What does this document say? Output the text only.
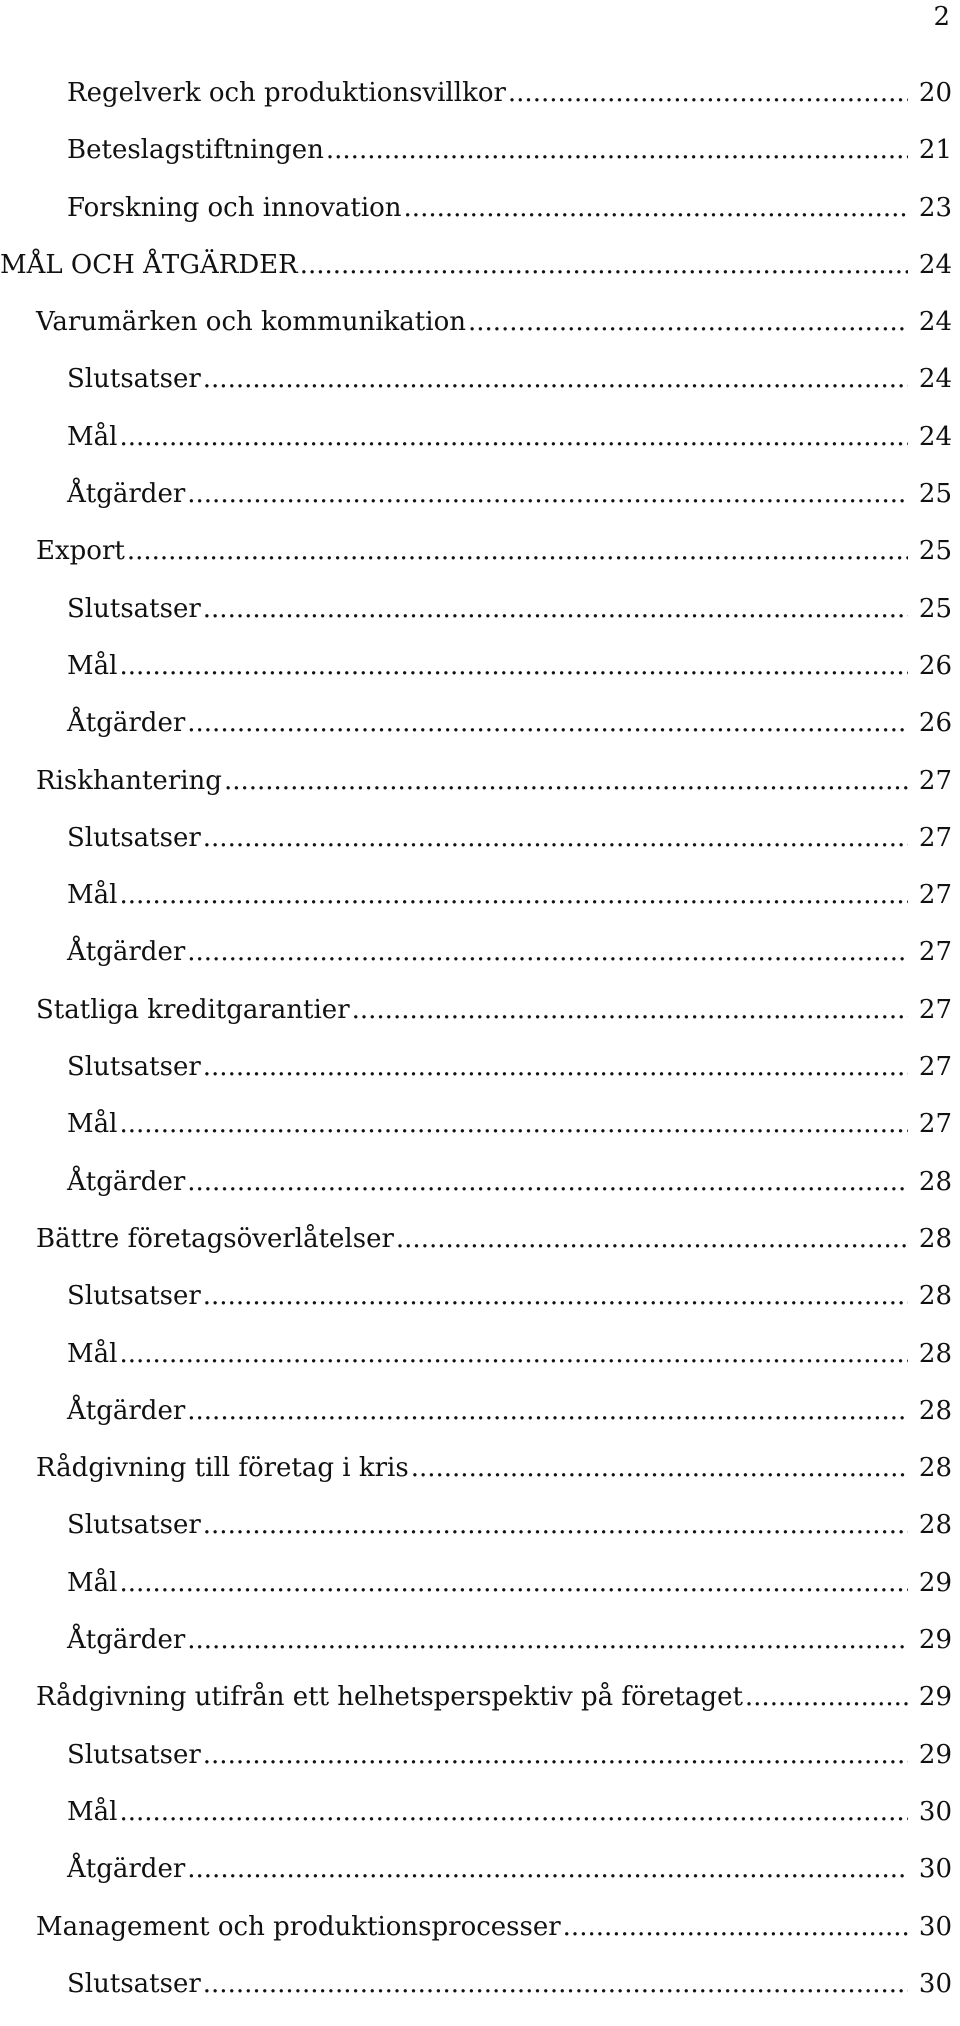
2
Regelverk och produktionsvillkor .....	20
Beteslagstiftningen .....	21
Forskning och innovation .....	23
MÅL OCH ÅTGÄRDER .....	24
Varumärken och kommunikation .....	24
Slutsatser .....	24
Mål .....	24
Åtgärder .....	25
Export .....	25
Slutsatser .....	25
Mål .....	26
Åtgärder .....	26
Riskhantering .....	27
Slutsatser .....	27
Mål .....	27
Åtgärder .....	27
Statliga kreditgarantier .....	27
Slutsatser .....	27
Mål .....	27
Åtgärder .....	28
Bättre företagsöverlåtelser .....	28
Slutsatser .....	28
Mål .....	28
Åtgärder .....	28
Rådgivning till företag i kris .....	28
Slutsatser .....	28
Mål .....	29
Åtgärder .....	29
Rådgivning utifrån ett helhetsperspektiv på företaget .....	29
Slutsatser .....	29
Mål .....	30
Åtgärder .....	30
Management och produktionsprocesser .....	30
Slutsatser .....	30
